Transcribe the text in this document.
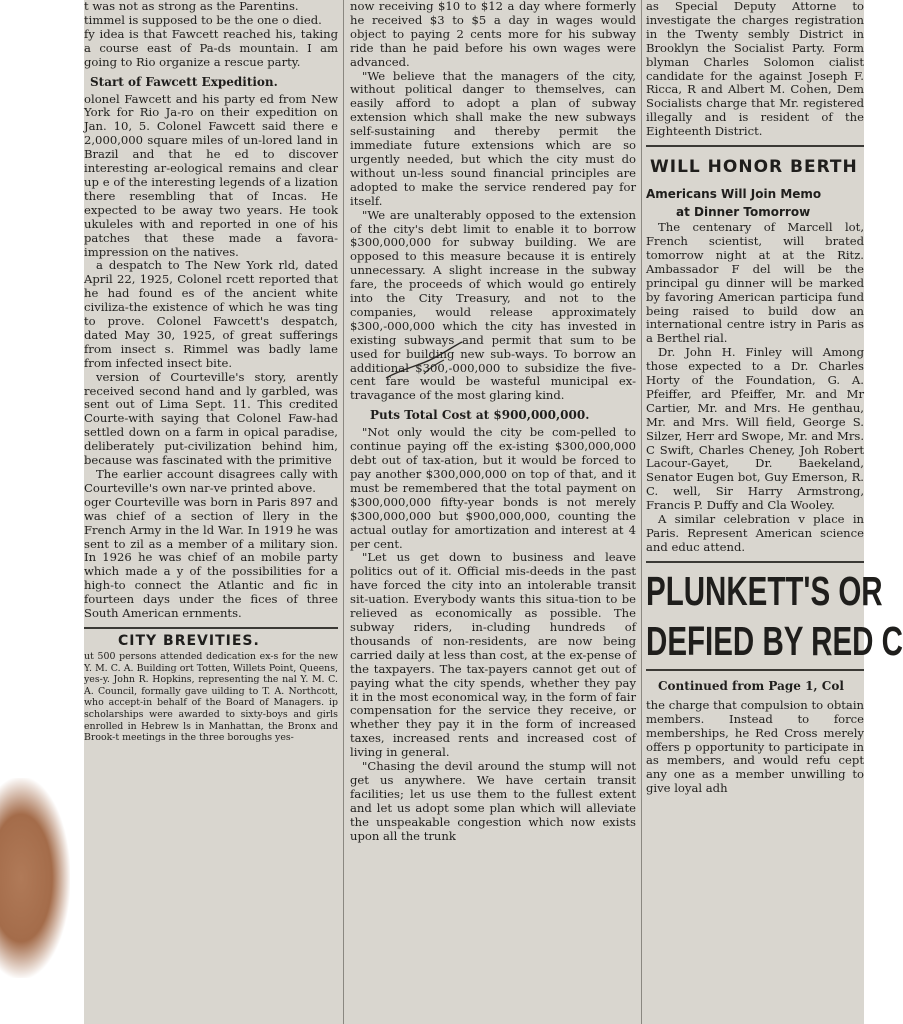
t was not as strong as the Parentins.

timmel is supposed to be the one o died.

fy idea is that Fawcett reached his, taking a course east of Pa-ds mountain. I am going to Rio organize a rescue party.

Start of Fawcett Expedition.

olonel Fawcett and his party ed from New York for Rio Ja-ro on their expedition on Jan. 10, 5. Colonel Fawcett said there e 2,000,000 square miles of un-lored land in Brazil and that he ed to discover interesting ar-eological remains and clear up e of the interesting legends of a lization there resembling that of Incas. He expected to be away two years. He took ukuleles with and reported in one of his patches that these made a favora- impression on the natives.

a despatch to The New York rld, dated April 22, 1925, Colonel rcett reported that he had found es of the ancient white civiliza-the existence of which he was ting to prove. Colonel Fawcett's despatch, dated May 30, 1925, of great sufferings from insect s. Rimmel was badly lame from infected insect bite.

version of Courteville's story, arently received second hand and ly garbled, was sent out of Lima Sept. 11. This credited Courte-with saying that Colonel Faw-had settled down on a farm in opical paradise, deliberately put-civilization behind him, because was fascinated with the primitive

The earlier account disagrees cally with Courteville's own nar-ve printed above.

oger Courteville was born in Paris 897 and was chief of a section of llery in the French Army in the ld War. In 1919 he was sent to zil as a member of a military sion. In 1926 he was chief of an mobile party which made a y of the possibilities for a high-to connect the Atlantic and fic in fourteen days under the fices of three South American ernments.

CITY BREVITIES.

ut 500 persons attended dedication ex-s for the new Y. M. C. A. Building ort Totten, Willets Point, Queens, yes-y. John R. Hopkins, representing the nal Y. M. C. A. Council, formally gave uilding to T. A. Northcott, who accept-in behalf of the Board of Managers. ip scholarships were awarded to sixty-boys and girls enrolled in Hebrew ls in Manhattan, the Bronx and Brook-t meetings in the three boroughs yes-

now receiving $10 to $12 a day where formerly he received $3 to $5 a day in wages would object to paying 2 cents more for his subway ride than he paid before his own wages were advanced.

"We believe that the managers of the city, without political danger to themselves, can easily afford to adopt a plan of subway extension which shall make the new subways self-sustaining and thereby permit the immediate future extensions which are so urgently needed, but which the city must do without un-less sound financial principles are adopted to make the service rendered pay for itself.

"We are unalterably opposed to the extension of the city's debt limit to enable it to borrow $300,000,000 for subway building. We are opposed to this measure because it is entirely unnecessary. A slight increase in the subway fare, the proceeds of which would go entirely into the City Treasury, and not to the companies, would release approximately $300,-000,000 which the city has invested in existing subways and permit that sum to be used for building new sub-ways. To borrow an additional $300,-000,000 to subsidize the five-cent fare would be wasteful municipal ex-travagance of the most glaring kind.

Puts Total Cost at $900,000,000.

"Not only would the city be com-pelled to continue paying off the ex-isting $300,000,000 debt out of tax-ation, but it would be forced to pay another $300,000,000 on top of that, and it must be remembered that the total payment on $300,000,000 fifty-year bonds is not merely $300,000,000 but $900,000,000, counting the actual outlay for amortization and interest at 4 per cent.

"Let us get down to business and leave politics out of it. Official mis-deeds in the past have forced the city into an intolerable transit sit-uation. Everybody wants this situa-tion to be relieved as economically as possible. The subway riders, in-cluding hundreds of thousands of non-residents, are now being carried daily at less than cost, at the ex-pense of the taxpayers. The tax-payers cannot get out of paying what the city spends, whether they pay it in the most economical way, in the form of fair compensation for the service they receive, or whether they pay it in the form of increased taxes, increased rents and increased cost of living in general.

"Chasing the devil around the stump will not get us anywhere. We have certain transit facilities; let us use them to the fullest extent and let us adopt some plan which will alleviate the unspeakable congestion which now exists upon all the trunk

as Special Deputy Attorne to investigate the charges registration in the Twenty sembly District in Brooklyn the Socialist Party. Form blyman Charles Solomon cialist candidate for the against Joseph F. Ricca, R and Albert M. Cohen, Dem Socialists charge that Mr. registered illegally and is resident of the Eighteenth District.

WILL HONOR BERTH
Americans Will Join Memo
at Dinner Tomorrow

The centenary of Marcell lot, French scientist, will brated tomorrow night at at the Ritz. Ambassador F del will be the principal gu dinner will be marked by favoring American participa fund being raised to build dow an international centre istry in Paris as a Berthel rial.

Dr. John H. Finley will Among those expected to a Dr. Charles Horty of the Foundation, G. A. Pfeiffer, ard Pfeiffer, Mr. and Mr Cartier, Mr. and Mrs. He genthau, Mr. and Mrs. Will field, George S. Silzer, Herr ard Swope, Mr. and Mrs. C Swift, Charles Cheney, Joh Robert Lacour-Gayet, Dr. Baekeland, Senator Eugen bot, Guy Emerson, R. C. well, Sir Harry Armstrong, Francis P. Duffy and Cla Wooley.

A similar celebration v place in Paris. Represent American science and educ attend.

PLUNKETT'S OR
DEFIED BY RED C
Continued from Page 1, Col

the charge that compulsion to obtain members. Instead to force memberships, he Red Cross merely offers p opportunity to participate in as members, and would refu cept any one as a member unwilling to give loyal adh
